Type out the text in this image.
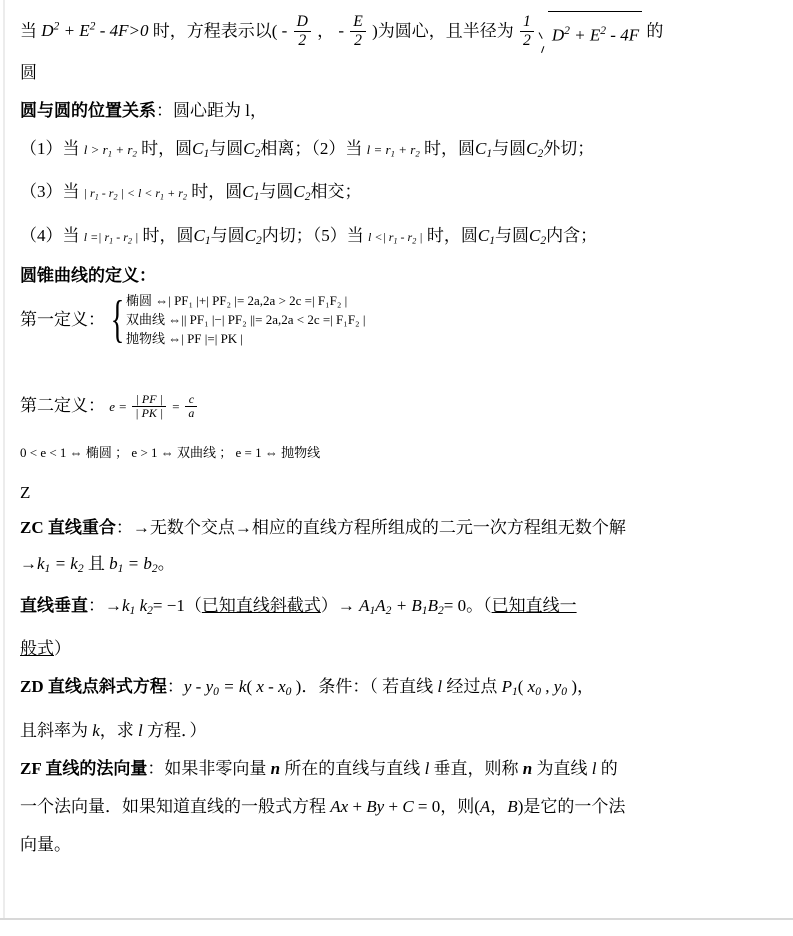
当 $D^2 + E^2 - 4F>0$ 时，方程表示以( - $\frac{D}{2}$ ， - $\frac{E}{2}$ )为圆心，且半径为 $\frac{1}{2} D^2 + E^2 - 4F$ 的
圆
圆与圆的位置关系：圆心距为 l，
（1）当 $l > r_1 + r_2$ 时，圆$C_1$与圆$C_2$相离；（2）当 $l = r_1 + r_2$ 时，圆$C_1$与圆$C_2$外切；
（3）当 | $r_1 - r_2$ | < $l < r_1 + r_2$ 时，圆$C_1$与圆$C_2$相交；
（4）当 l =| $r_1 - r_2$ | 时，圆$C_1$与圆$C_2$内切；（5）当 l <| $r_1 - r_2$ | 时，圆$C_1$与圆$C_2$内含；
圆锥曲线的定义：
第一定义： { 椭圆 ⇔| PF₁ |+| PF₂ |= 2a,2a > 2c =| F₁F₂ |
双曲线 ⇔|| PF₁ |−| PF₂ ||= 2a,2a < 2c =| F₁F₂ |
抛物线 ⇔| PF |=| PK |
第二定义： $e = \frac{| PF |}{| PK |} = \frac{c}{a}$
0 < e < 1 ⇔ 椭圆 ； e > 1 ⇔ 双曲线 ； e = 1 ⇔ 抛物线
Z
ZC 直线重合：→无数个交点→相应的直线方程所组成的二元一次方程组无数个解
$\to k_1 = k_2$ 且 $b_1 = b_2$。
直线垂直：$\to k_1$ $k_2= -1$（已知直线斜截式）→ $A_1A_2 + B_1B_2= 0$。（已知直线一
般式）
ZD 直线点斜式方程：$y - y_0 = k$( x - $x_0$ )．条件：（ 若直线 l 经过点 $P_1$( $x_0$ , $y_0$ )，
且斜率为 k，求 l 方程．）
ZF 直线的法向量：如果非零向量 n 所在的直线与直线 l 垂直，则称 n 为直线 l 的
一个法向量．如果知道直线的一般式方程 Ax + By + C = 0，则(A，B)是它的一个法
向量。
